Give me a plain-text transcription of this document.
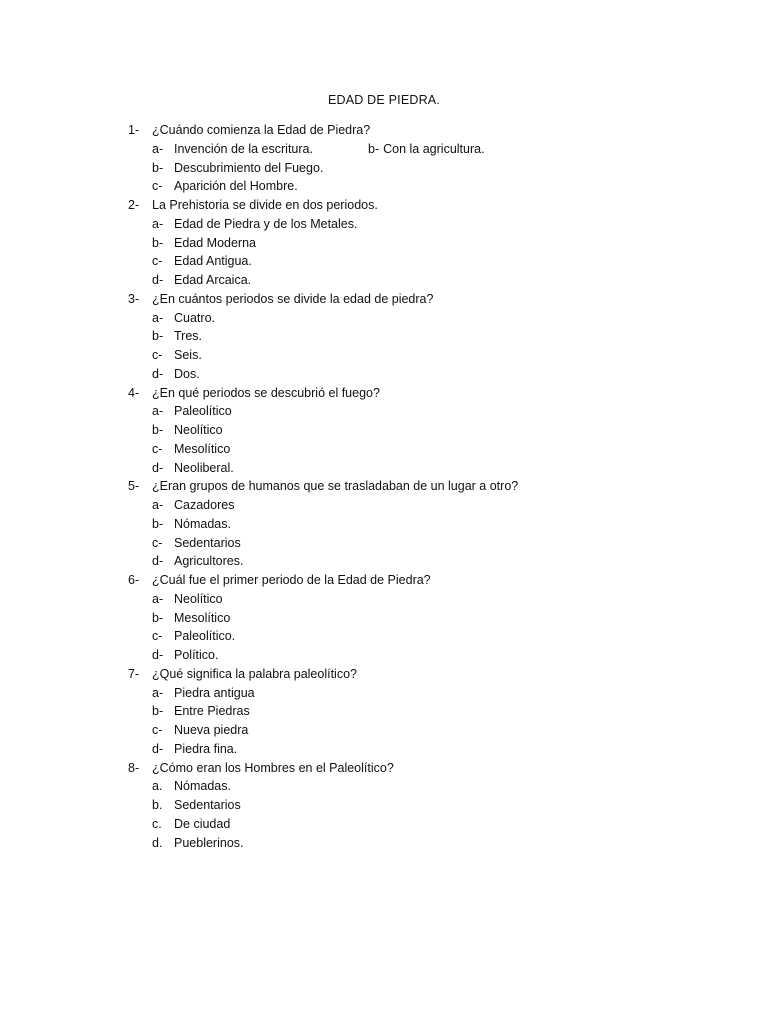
EDAD DE PIEDRA.
1- ¿Cuándo comienza la Edad de Piedra?
a- Invención de la escritura.	b- Con la agricultura.
b- Descubrimiento del Fuego.
c- Aparición del Hombre.
2- La Prehistoria se divide en dos periodos.
a- Edad de Piedra y de los Metales.
b- Edad Moderna
c- Edad Antigua.
d- Edad Arcaica.
3- ¿En cuántos periodos se divide la edad de piedra?
a- Cuatro.
b- Tres.
c- Seis.
d- Dos.
4- ¿En qué periodos se descubrió el fuego?
a- Paleolítico
b- Neolítico
c- Mesolítico
d- Neoliberal.
5- ¿Eran grupos de humanos que se trasladaban de un lugar a otro?
a- Cazadores
b- Nómadas.
c- Sedentarios
d- Agricultores.
6- ¿Cuál fue el primer periodo de la Edad de Piedra?
a- Neolítico
b- Mesolítico
c- Paleolítico.
d- Político.
7- ¿Qué significa la palabra paleolítico?
a- Piedra antigua
b- Entre Piedras
c- Nueva piedra
d- Piedra fina.
8- ¿Cómo eran los Hombres en el Paleolítico?
a. Nómadas.
b. Sedentarios
c. De ciudad
d. Pueblerinos.
